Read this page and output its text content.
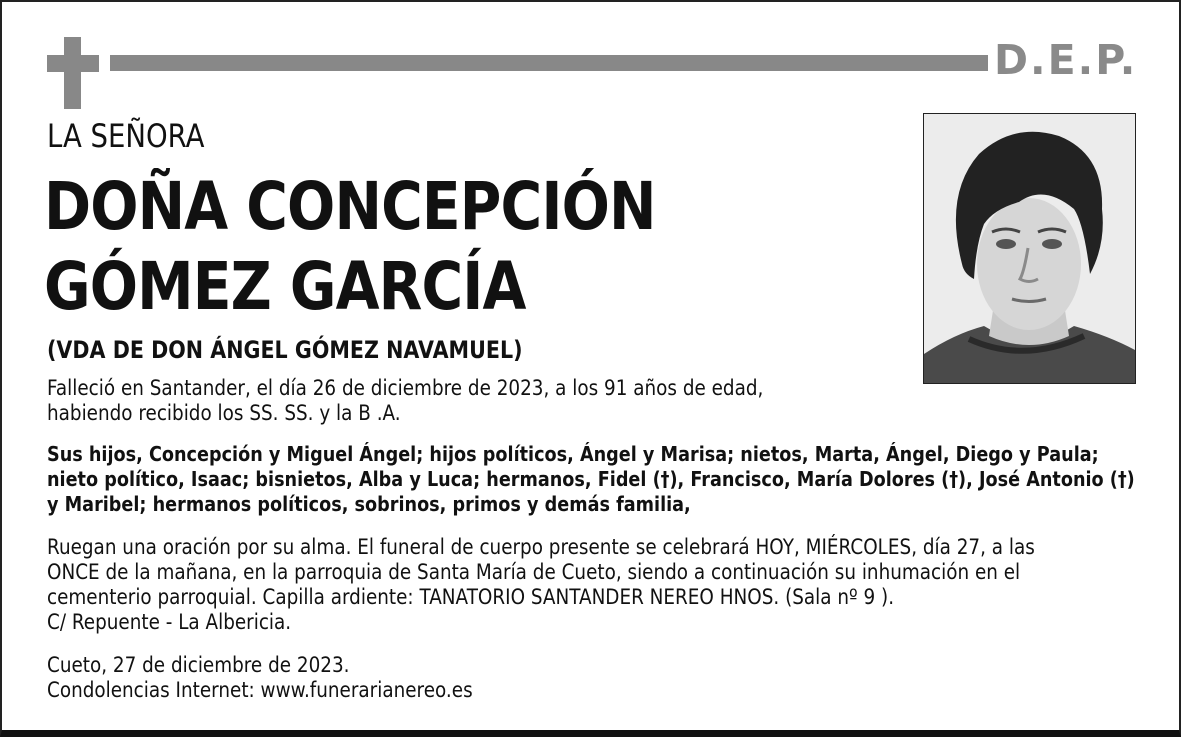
D.E.P.
LA SEÑORA
DOÑA CONCEPCIÓN
GÓMEZ GARCÍA
(VDA DE DON ÁNGEL GÓMEZ NAVAMUEL)
Falleció en Santander, el día 26 de diciembre de 2023, a los 91 años de edad,
habiendo recibido los SS. SS. y la B .A.
Sus hijos, Concepción y Miguel Ángel; hijos políticos, Ángel y Marisa; nietos, Marta, Ángel, Diego y Paula;
nieto político, Isaac; bisnietos, Alba y Luca; hermanos, Fidel (†), Francisco, María Dolores (†), José Antonio (†)
y Maribel; hermanos políticos, sobrinos, primos y demás familia,
Ruegan una oración por su alma. El funeral de cuerpo presente se celebrará HOY, MIÉRCOLES, día 27, a las
ONCE de la mañana, en la parroquia de Santa María de Cueto, siendo a continuación su inhumación en el
cementerio parroquial. Capilla ardiente: TANATORIO SANTANDER NEREO HNOS. (Sala nº 9 ).
C/ Repuente - La Albericia.
Cueto, 27 de diciembre de 2023.
Condolencias Internet: www.funerarianereo.es
